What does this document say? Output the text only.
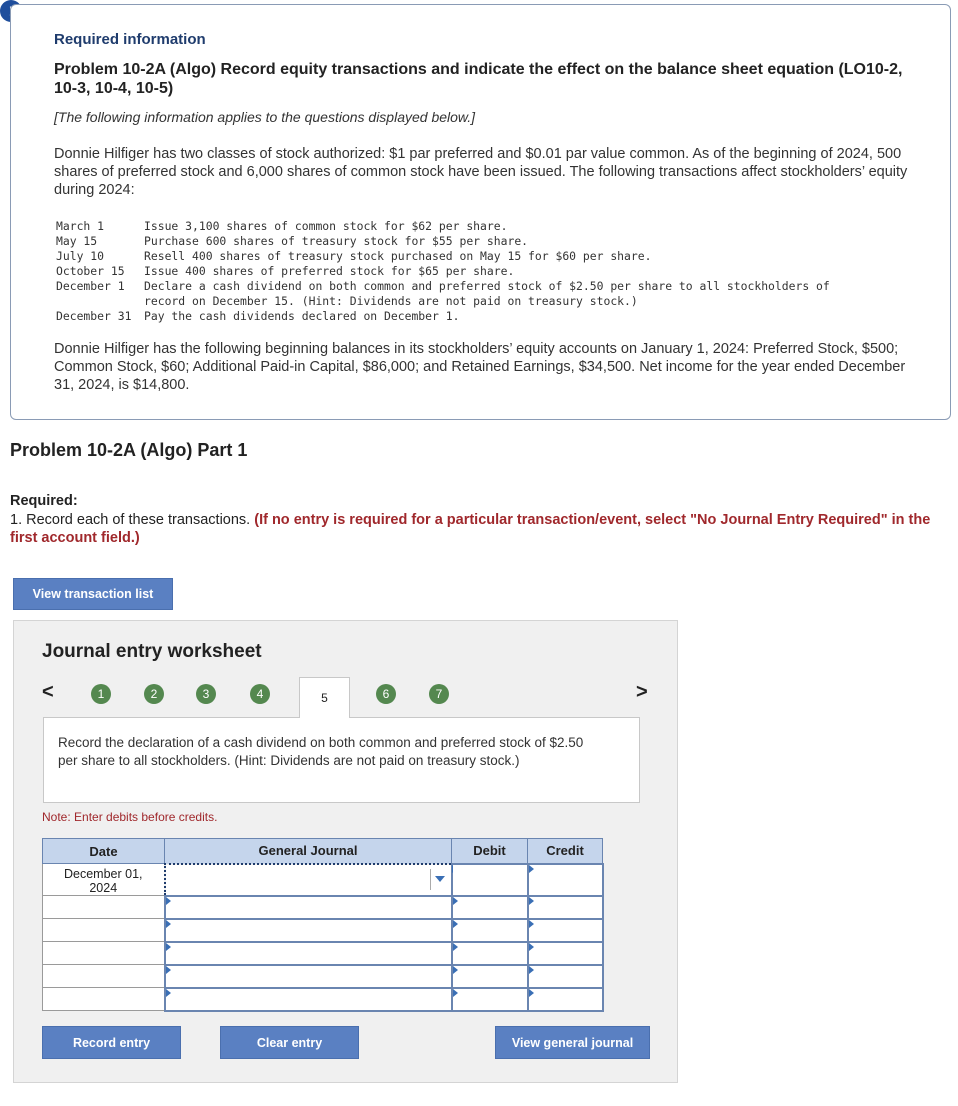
Required information
Problem 10-2A (Algo) Record equity transactions and indicate the effect on the balance sheet equation (LO10-2, 10-3, 10-4, 10-5)
[The following information applies to the questions displayed below.]
Donnie Hilfiger has two classes of stock authorized: $1 par preferred and $0.01 par value common. As of the beginning of 2024, 500 shares of preferred stock and 6,000 shares of common stock have been issued. The following transactions affect stockholders’ equity during 2024:
March 1	Issue 3,100 shares of common stock for $62 per share.
May 15	Purchase 600 shares of treasury stock for $55 per share.
July 10	Resell 400 shares of treasury stock purchased on May 15 for $60 per share.
October 15	Issue 400 shares of preferred stock for $65 per share.
December 1	Declare a cash dividend on both common and preferred stock of $2.50 per share to all stockholders of
record on December 15. (Hint: Dividends are not paid on treasury stock.)
December 31	Pay the cash dividends declared on December 1.
Donnie Hilfiger has the following beginning balances in its stockholders’ equity accounts on January 1, 2024: Preferred Stock, $500; Common Stock, $60; Additional Paid-in Capital, $86,000; and Retained Earnings, $34,500. Net income for the year ended December 31, 2024, is $14,800.
Problem 10-2A (Algo) Part 1
Required:
1. Record each of these transactions. (If no entry is required for a particular transaction/event, select "No Journal Entry Required" in the first account field.)
View transaction list
Journal entry worksheet
<	1	2	3	4	5	6	7	>
Record the declaration of a cash dividend on both common and preferred stock of $2.50 per share to all stockholders. (Hint: Dividends are not paid on treasury stock.)
Note: Enter debits before credits.
Date	General Journal	Debit	Credit

December 01,
2024			

Record entry	Clear entry	View general journal
